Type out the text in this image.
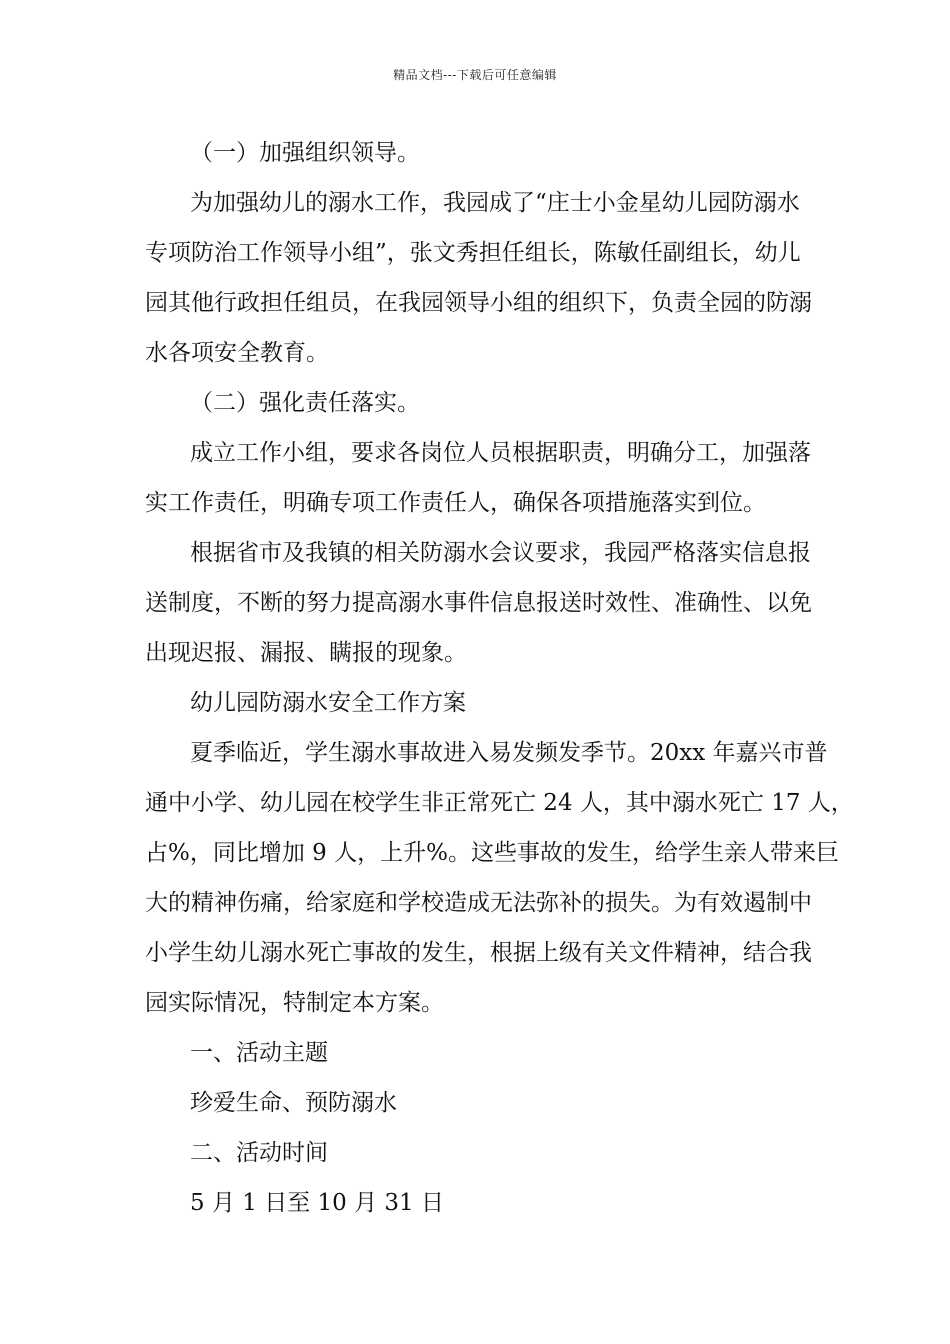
精品文档---下载后可任意编辑
（一）加强组织领导。
为加强幼儿的溺水工作，我园成了“庄士小金星幼儿园防溺水
专项防治工作领导小组”，张文秀担任组长，陈敏任副组长，幼儿
园其他行政担任组员，在我园领导小组的组织下，负责全园的防溺
水各项安全教育。
（二）强化责任落实。
成立工作小组，要求各岗位人员根据职责，明确分工，加强落
实工作责任，明确专项工作责任人，确保各项措施落实到位。
根据省市及我镇的相关防溺水会议要求，我园严格落实信息报
送制度，不断的努力提高溺水事件信息报送时效性、准确性、以免
出现迟报、漏报、瞒报的现象。
幼儿园防溺水安全工作方案
夏季临近，学生溺水事故进入易发频发季节。20xx 年嘉兴市普
通中小学、幼儿园在校学生非正常死亡 24 人，其中溺水死亡 17 人，
占%，同比增加 9 人，上升%。这些事故的发生，给学生亲人带来巨
大的精神伤痛，给家庭和学校造成无法弥补的损失。为有效遏制中
小学生幼儿溺水死亡事故的发生，根据上级有关文件精神，结合我
园实际情况，特制定本方案。
一、活动主题
珍爱生命、预防溺水
二、活动时间
5 月 1 日至 10 月 31 日
